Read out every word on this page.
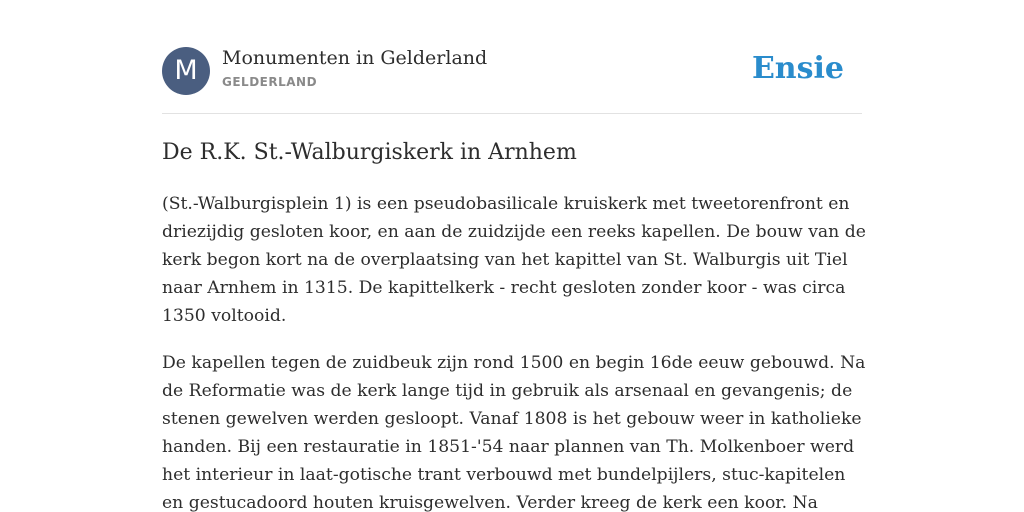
M	Monumenten in Gelderland
GELDERLAND	Ensie
De R.K. St.-Walburgiskerk in Arnhem

(St.-Walburgisplein 1) is een pseudobasilicale kruiskerk met tweetorenfront en driezijdig gesloten koor, en aan de zuidzijde een reeks kapellen. De bouw van de kerk begon kort na de overplaatsing van het kapittel van St. Walburgis uit Tiel naar Arnhem in 1315. De kapittelkerk - recht gesloten zonder koor - was circa 1350 voltooid.

De kapellen tegen de zuidbeuk zijn rond 1500 en begin 16de eeuw gebouwd. Na de Reformatie was de kerk lange tijd in gebruik als arsenaal en gevangenis; de stenen gewelven werden gesloopt. Vanaf 1808 is het gebouw weer in katholieke handen. Bij een restauratie in 1851-'54 naar plannen van Th. Molkenboer werd het interieur in laat-gotische trant verbouwd met bundelpijlers, stuc-kapitelen en gestucadoord houten kruisgewelven. Verder kreeg de kerk een koor. Na
